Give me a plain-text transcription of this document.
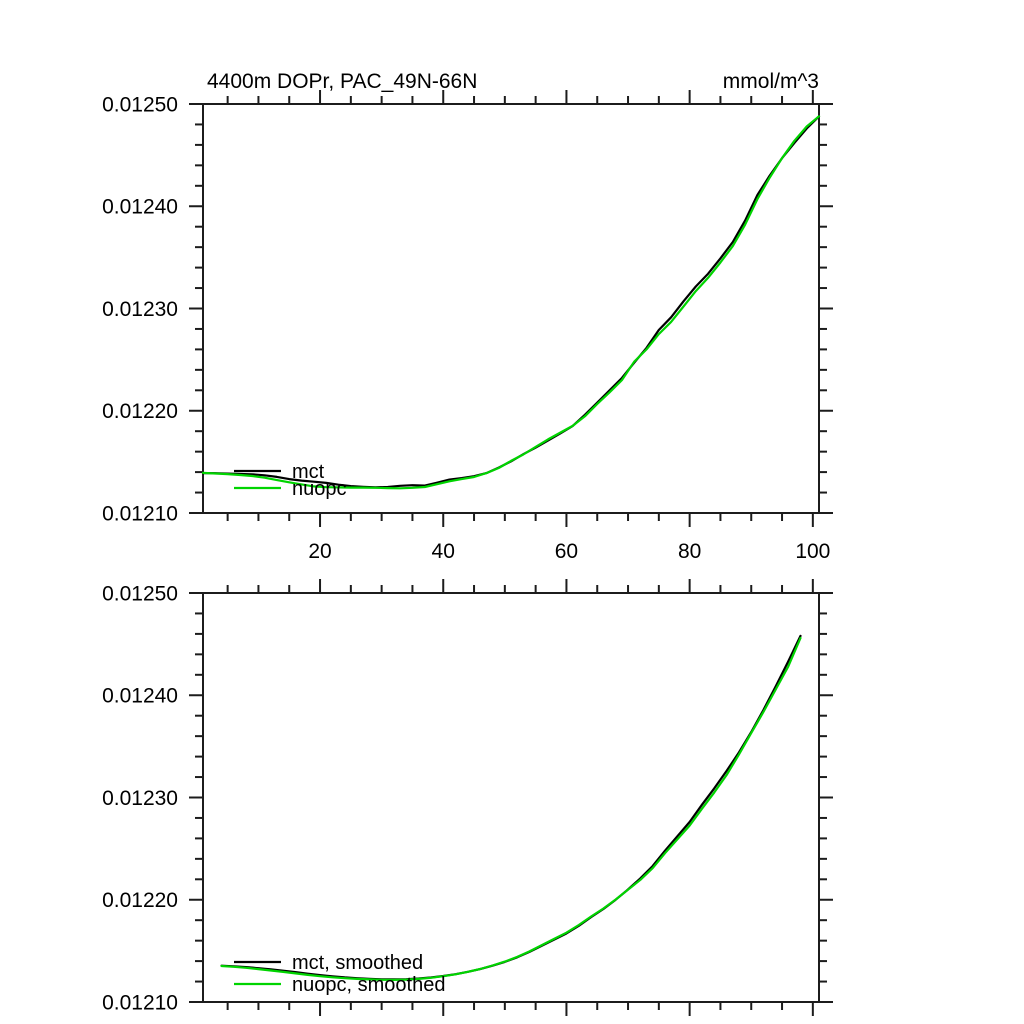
20	40	60	80	100
0.01210
0.01220
0.01230
0.01240
0.01250
4400m DOPr, PAC_49N-66N	mmol/m^3
mct
nuopc
0.01210
0.01220
0.01230
0.01240
0.01250
mct, smoothed
nuopc, smoothed
